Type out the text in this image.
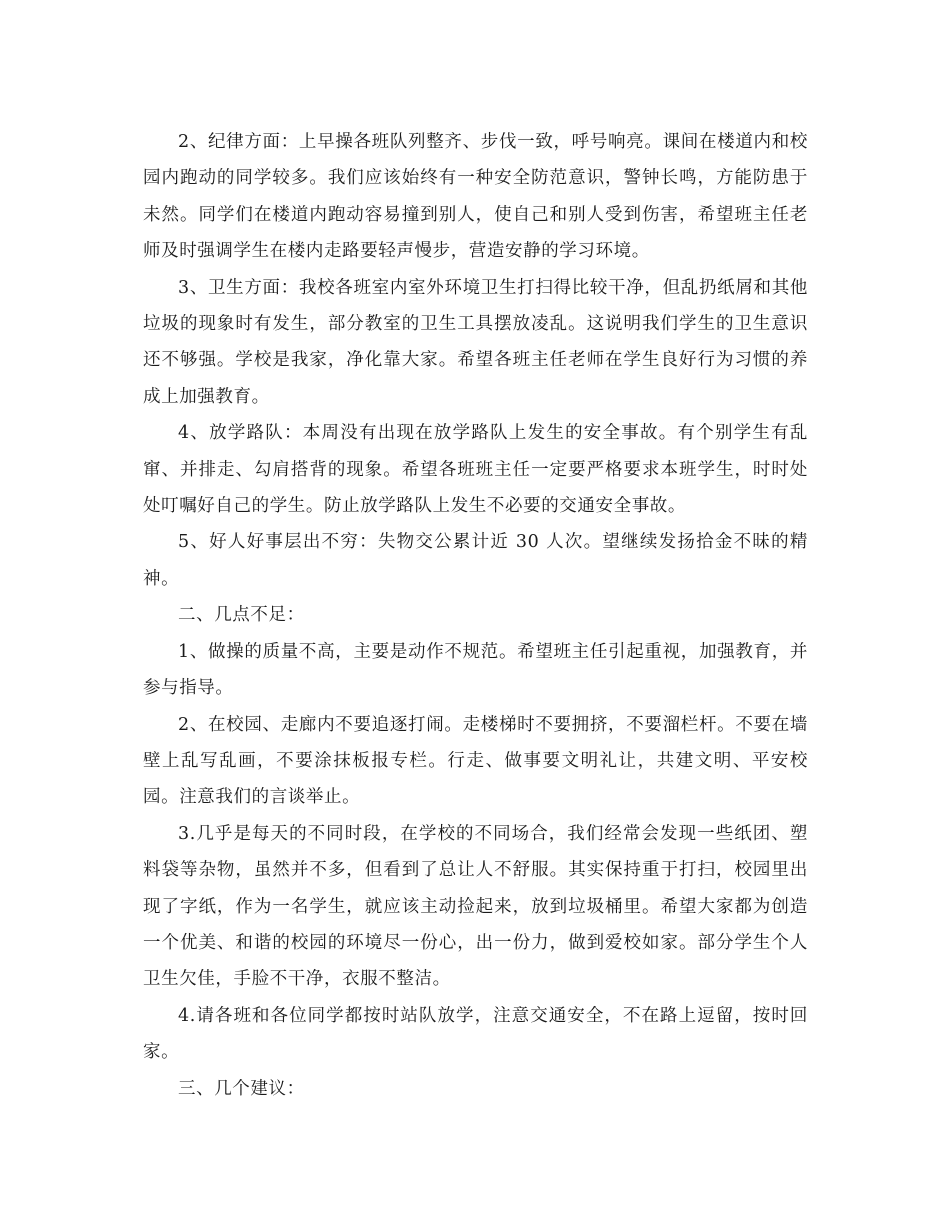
2、纪律方面：上早操各班队列整齐、步伐一致，呼号响亮。课间在楼道内和校园内跑动的同学较多。我们应该始终有一种安全防范意识，警钟长鸣，方能防患于未然。同学们在楼道内跑动容易撞到别人，使自己和别人受到伤害，希望班主任老师及时强调学生在楼内走路要轻声慢步，营造安静的学习环境。

3、卫生方面：我校各班室内室外环境卫生打扫得比较干净，但乱扔纸屑和其他垃圾的现象时有发生，部分教室的卫生工具摆放凌乱。这说明我们学生的卫生意识还不够强。学校是我家，净化靠大家。希望各班主任老师在学生良好行为习惯的养成上加强教育。

4、放学路队：本周没有出现在放学路队上发生的安全事故。有个别学生有乱窜、并排走、勾肩搭背的现象。希望各班班主任一定要严格要求本班学生，时时处处叮嘱好自己的学生。防止放学路队上发生不必要的交通安全事故。

5、好人好事层出不穷：失物交公累计近 30 人次。望继续发扬拾金不昧的精神。

二、几点不足：

1、做操的质量不高，主要是动作不规范。希望班主任引起重视，加强教育，并参与指导。

2、在校园、走廊内不要追逐打闹。走楼梯时不要拥挤，不要溜栏杆。不要在墙壁上乱写乱画，不要涂抹板报专栏。行走、做事要文明礼让，共建文明、平安校园。注意我们的言谈举止。

3.几乎是每天的不同时段，在学校的不同场合，我们经常会发现一些纸团、塑料袋等杂物，虽然并不多，但看到了总让人不舒服。其实保持重于打扫，校园里出现了字纸，作为一名学生，就应该主动捡起来，放到垃圾桶里。希望大家都为创造一个优美、和谐的校园的环境尽一份心，出一份力，做到爱校如家。部分学生个人卫生欠佳，手脸不干净，衣服不整洁。

4.请各班和各位同学都按时站队放学，注意交通安全，不在路上逗留，按时回家。

三、几个建议：
